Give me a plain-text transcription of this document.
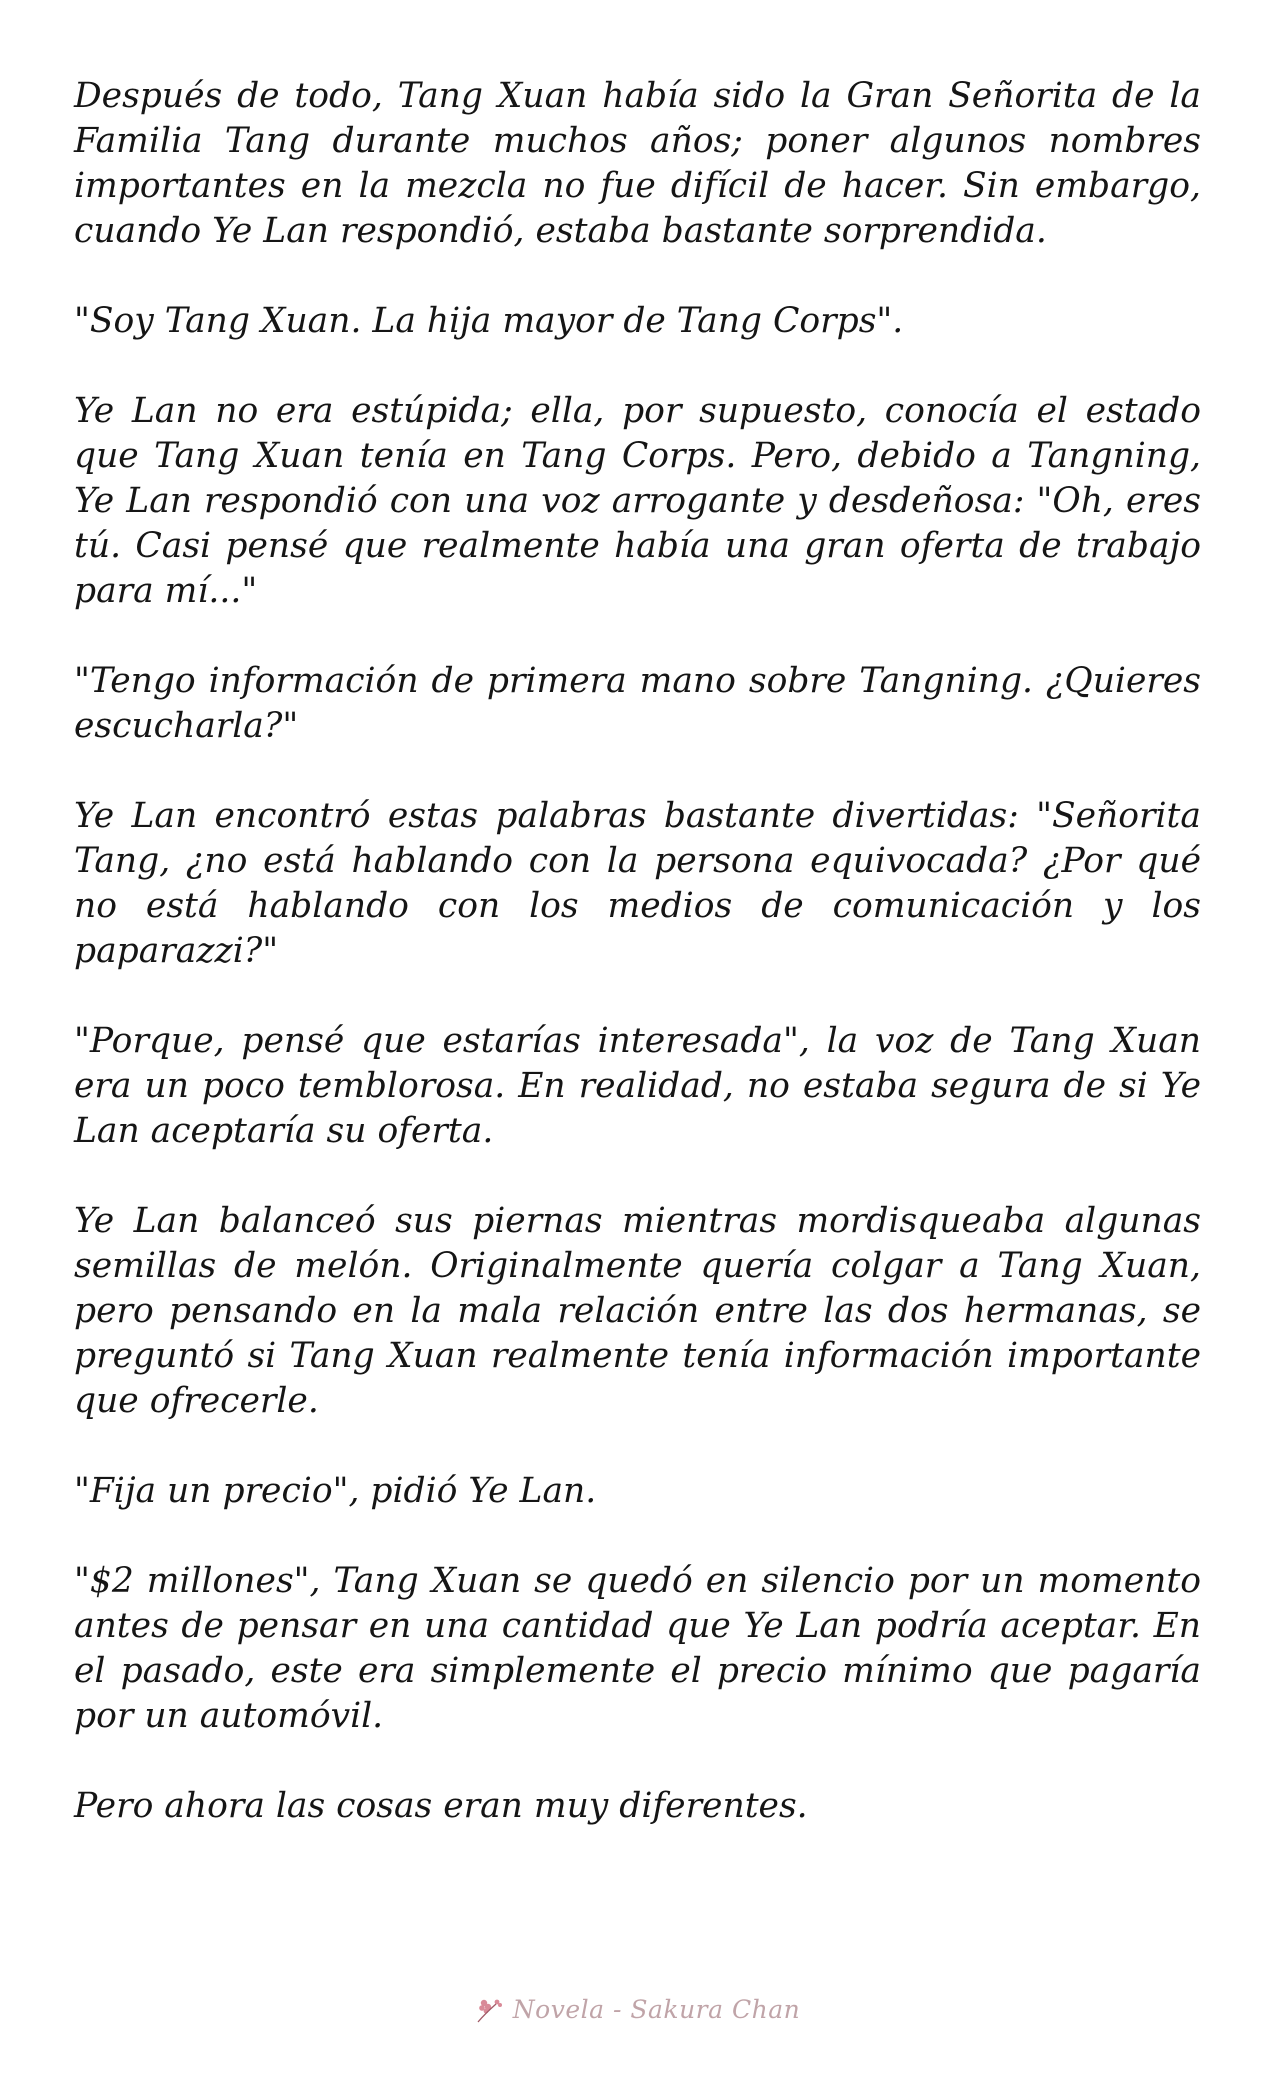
Después de todo, Tang Xuan había sido la Gran Señorita de la Familia Tang durante muchos años; poner algunos nombres importantes en la mezcla no fue difícil de hacer. Sin embargo, cuando Ye Lan respondió, estaba bastante sorprendida.

"Soy Tang Xuan. La hija mayor de Tang Corps".

Ye Lan no era estúpida; ella, por supuesto, conocía el estado que Tang Xuan tenía en Tang Corps. Pero, debido a Tangning, Ye Lan respondió con una voz arrogante y desdeñosa: "Oh, eres tú. Casi pensé que realmente había una gran oferta de trabajo para mí..."

"Tengo información de primera mano sobre Tangning. ¿Quieres escucharla?"

Ye Lan encontró estas palabras bastante divertidas: "Señorita Tang, ¿no está hablando con la persona equivocada? ¿Por qué no está hablando con los medios de comunicación y los paparazzi?"

"Porque, pensé que estarías interesada", la voz de Tang Xuan era un poco temblorosa. En realidad, no estaba segura de si Ye Lan aceptaría su oferta.

Ye Lan balanceó sus piernas mientras mordisqueaba algunas semillas de melón. Originalmente quería colgar a Tang Xuan, pero pensando en la mala relación entre las dos hermanas, se preguntó si Tang Xuan realmente tenía información importante que ofrecerle.

"Fija un precio", pidió Ye Lan.

"$2 millones", Tang Xuan se quedó en silencio por un momento antes de pensar en una cantidad que Ye Lan podría aceptar. En el pasado, este era simplemente el precio mínimo que pagaría por un automóvil.

Pero ahora las cosas eran muy diferentes.

Novela - Sakura Chan
